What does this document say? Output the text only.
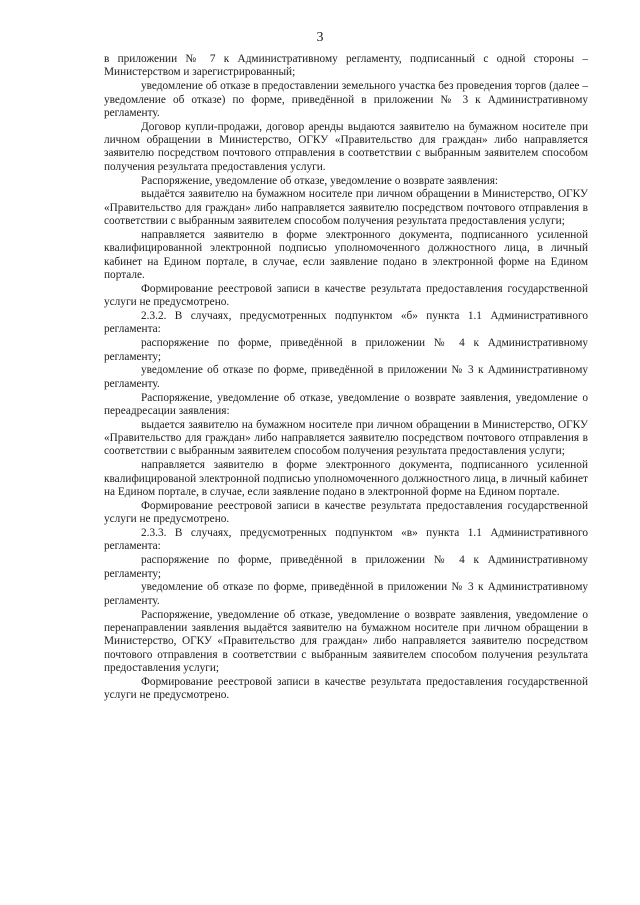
3

в приложении № 7 к Административному регламенту, подписанный с одной стороны – Министерством и зарегистрированный;

уведомление об отказе в предоставлении земельного участка без проведения торгов (далее – уведомление об отказе) по форме, приведённой в приложении № 3 к Административному регламенту.

Договор купли-продажи, договор аренды выдаются заявителю на бумажном носителе при личном обращении в Министерство, ОГКУ «Правительство для граждан» либо направляется заявителю посредством почтового отправления в соответствии с выбранным заявителем способом получения результата предоставления услуги.

Распоряжение, уведомление об отказе, уведомление о возврате заявления:

выдаётся заявителю на бумажном носителе при личном обращении в Министерство, ОГКУ «Правительство для граждан» либо направляется заявителю посредством почтового отправления в соответствии с выбранным заявителем способом получения результата предоставления услуги;

направляется заявителю в форме электронного документа, подписанного усиленной квалифицированной электронной подписью уполномоченного должностного лица, в личный кабинет на Едином портале, в случае, если заявление подано в электронной форме на Едином портале.

Формирование реестровой записи в качестве результата предоставления государственной услуги не предусмотрено.

2.3.2. В случаях, предусмотренных подпунктом «б» пункта 1.1 Административного регламента:

распоряжение по форме, приведённой в приложении № 4 к Административному регламенту;

уведомление об отказе по форме, приведённой в приложении № 3 к Административному регламенту.

Распоряжение, уведомление об отказе, уведомление о возврате заявления, уведомление о переадресации заявления:

выдается заявителю на бумажном носителе при личном обращении в Министерство, ОГКУ «Правительство для граждан» либо направляется заявителю посредством почтового отправления в соответствии с выбранным заявителем способом получения результата предоставления услуги;

направляется заявителю в форме электронного документа, подписанного усиленной квалифицированой электронной подписью уполномоченного должностного лица, в личный кабинет на Едином портале, в случае, если заявление подано в электронной форме на Едином портале.

Формирование реестровой записи в качестве результата предоставления государственной услуги не предусмотрено.

2.3.3. В случаях, предусмотренных подпунктом «в» пункта 1.1 Административного регламента:

распоряжение по форме, приведённой в приложении № 4 к Административному регламенту;

уведомление об отказе по форме, приведённой в приложении № 3 к Административному регламенту.

Распоряжение, уведомление об отказе, уведомление о возврате заявления, уведомление о перенаправлении заявления выдаётся заявителю на бумажном носителе при личном обращении в Министерство, ОГКУ «Правительство для граждан» либо направляется заявителю посредством почтового отправления в соответствии с выбранным заявителем способом получения результата предоставления услуги;

Формирование реестровой записи в качестве результата предоставления государственной услуги не предусмотрено.
